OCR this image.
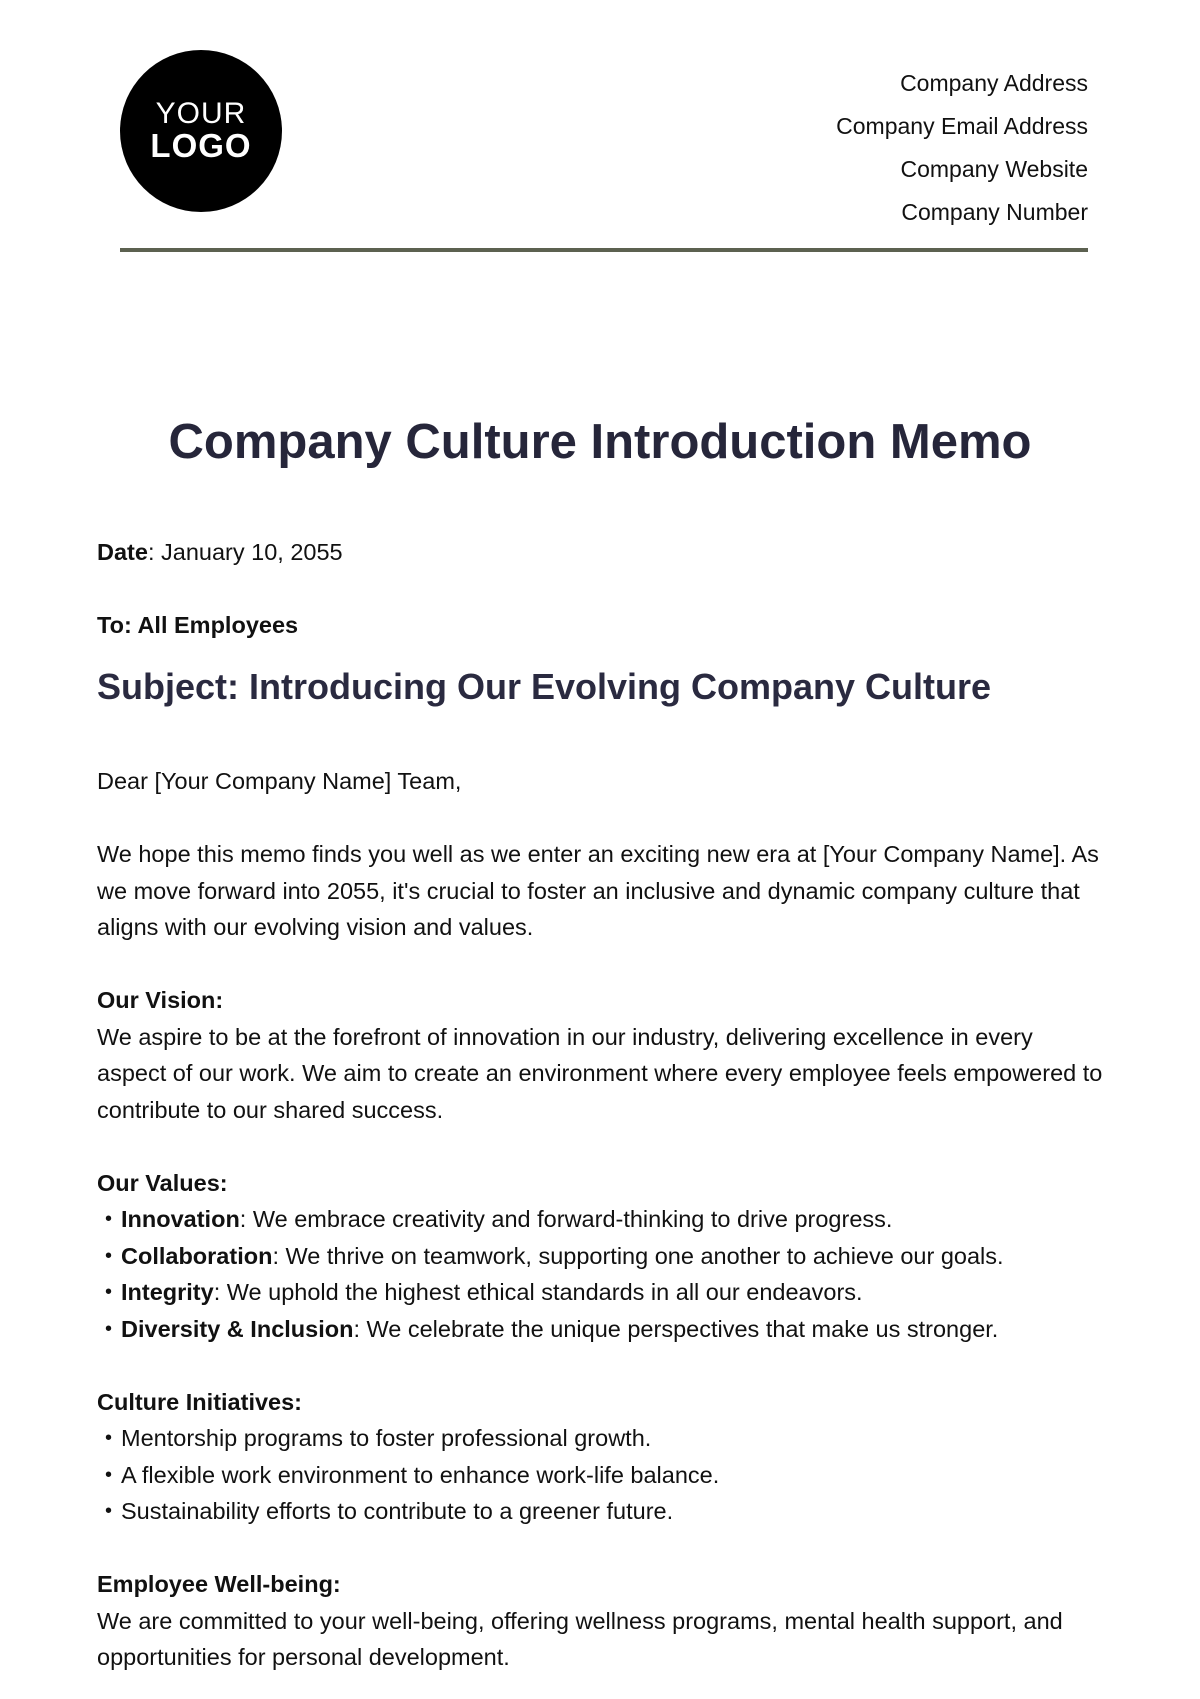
YOUR
LOGO
Company Address
Company Email Address
Company Website
Company Number
Company Culture Introduction Memo

Date: January 10, 2055

To: All Employees

Subject: Introducing Our Evolving Company Culture

Dear [Your Company Name] Team,

We hope this memo finds you well as we enter an exciting new era at [Your Company Name]. As we move forward into 2055, it's crucial to foster an inclusive and dynamic company culture that aligns with our evolving vision and values.

Our Vision:

We aspire to be at the forefront of innovation in our industry, delivering excellence in every aspect of our work. We aim to create an environment where every employee feels empowered to contribute to our shared success.

Our Values:

• Innovation: We embrace creativity and forward-thinking to drive progress.
• Collaboration: We thrive on teamwork, supporting one another to achieve our goals.
• Integrity: We uphold the highest ethical standards in all our endeavors.
• Diversity & Inclusion: We celebrate the unique perspectives that make us stronger.

Culture Initiatives:

• Mentorship programs to foster professional growth.
• A flexible work environment to enhance work-life balance.
• Sustainability efforts to contribute to a greener future.

Employee Well-being:

We are committed to your well-being, offering wellness programs, mental health support, and opportunities for personal development.
